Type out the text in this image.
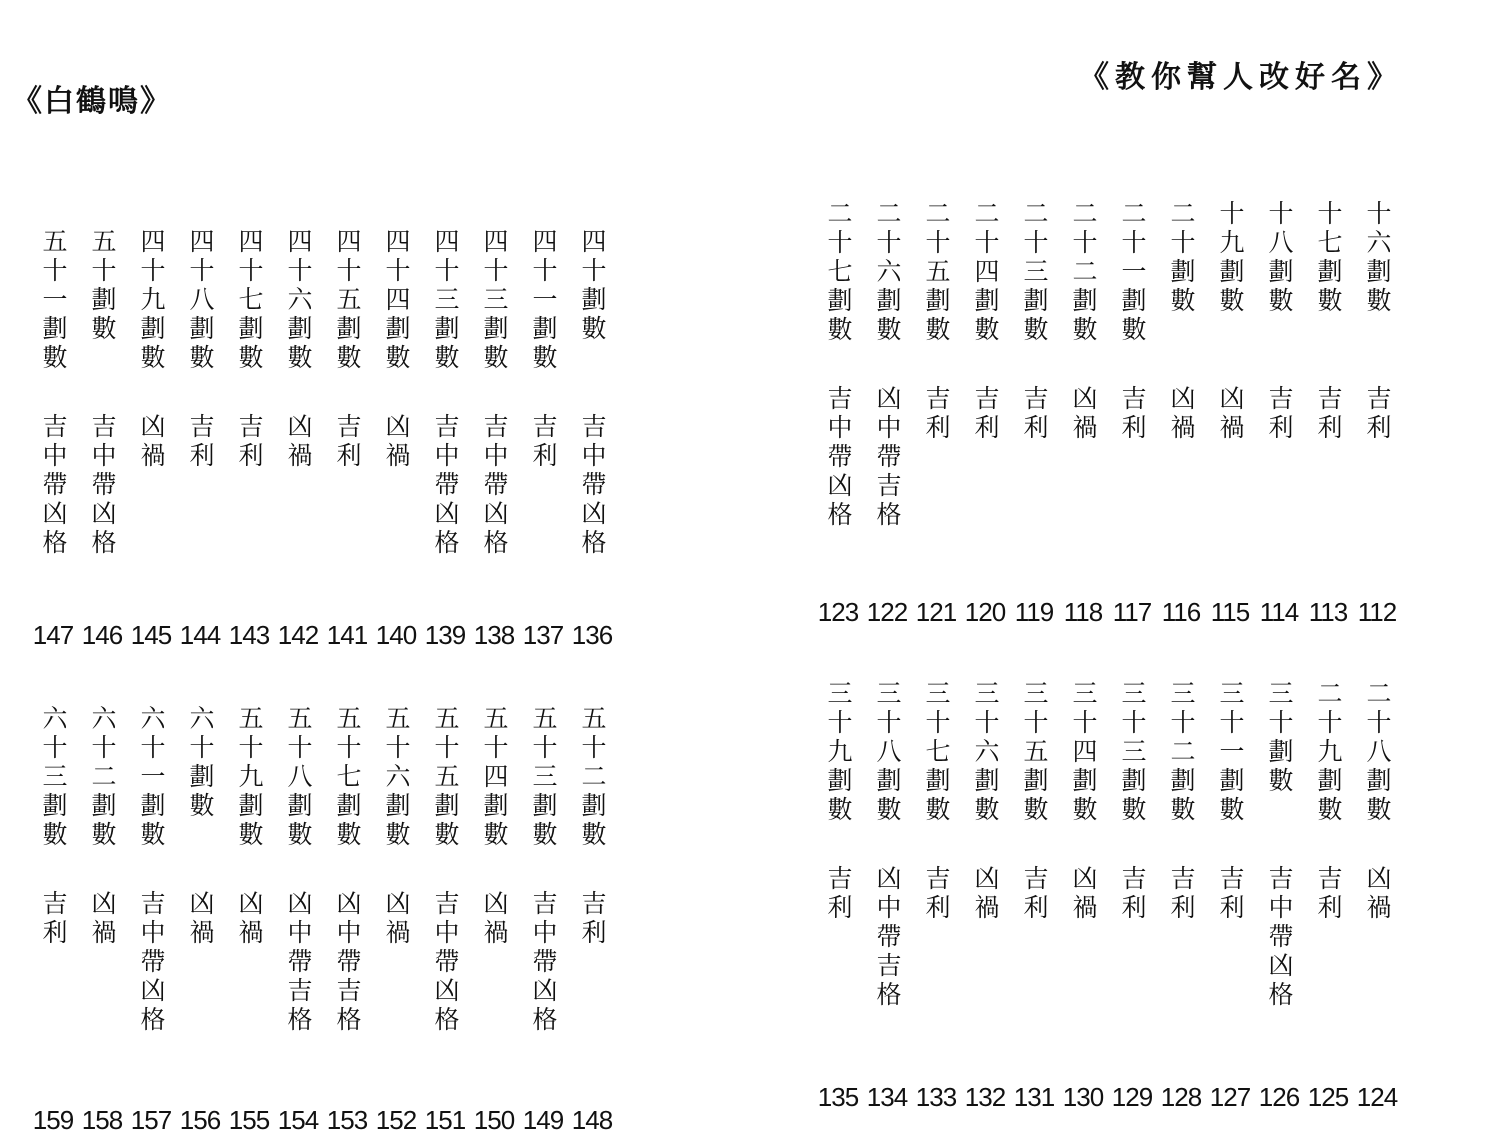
《白鶴鳴》
《教你幫人改好名》
十六劃數
吉利
112
十七劃數
吉利
113
十八劃數
吉利
114
十九劃數
凶禍
115
二十劃數
凶禍
116
二十一劃數
吉利
117
二十二劃數
凶禍
118
二十三劃數
吉利
119
二十四劃數
吉利
120
二十五劃數
吉利
121
二十六劃數
凶中帶吉格
122
二十七劃數
吉中帶凶格
123
二十八劃數
凶禍
124
二十九劃數
吉利
125
三十劃數
吉中帶凶格
126
三十一劃數
吉利
127
三十二劃數
吉利
128
三十三劃數
吉利
129
三十四劃數
凶禍
130
三十五劃數
吉利
131
三十六劃數
凶禍
132
三十七劃數
吉利
133
三十八劃數
凶中帶吉格
134
三十九劃數
吉利
135
四十劃數
吉中帶凶格
136
四十一劃數
吉利
137
四十三劃數
吉中帶凶格
138
四十三劃數
吉中帶凶格
139
四十四劃數
凶禍
140
四十五劃數
吉利
141
四十六劃數
凶禍
142
四十七劃數
吉利
143
四十八劃數
吉利
144
四十九劃數
凶禍
145
五十劃數
吉中帶凶格
146
五十一劃數
吉中帶凶格
147
五十二劃數
吉利
148
五十三劃數
吉中帶凶格
149
五十四劃數
凶禍
150
五十五劃數
吉中帶凶格
151
五十六劃數
凶禍
152
五十七劃數
凶中帶吉格
153
五十八劃數
凶中帶吉格
154
五十九劃數
凶禍
155
六十劃數
凶禍
156
六十一劃數
吉中帶凶格
157
六十二劃數
凶禍
158
六十三劃數
吉利
159
